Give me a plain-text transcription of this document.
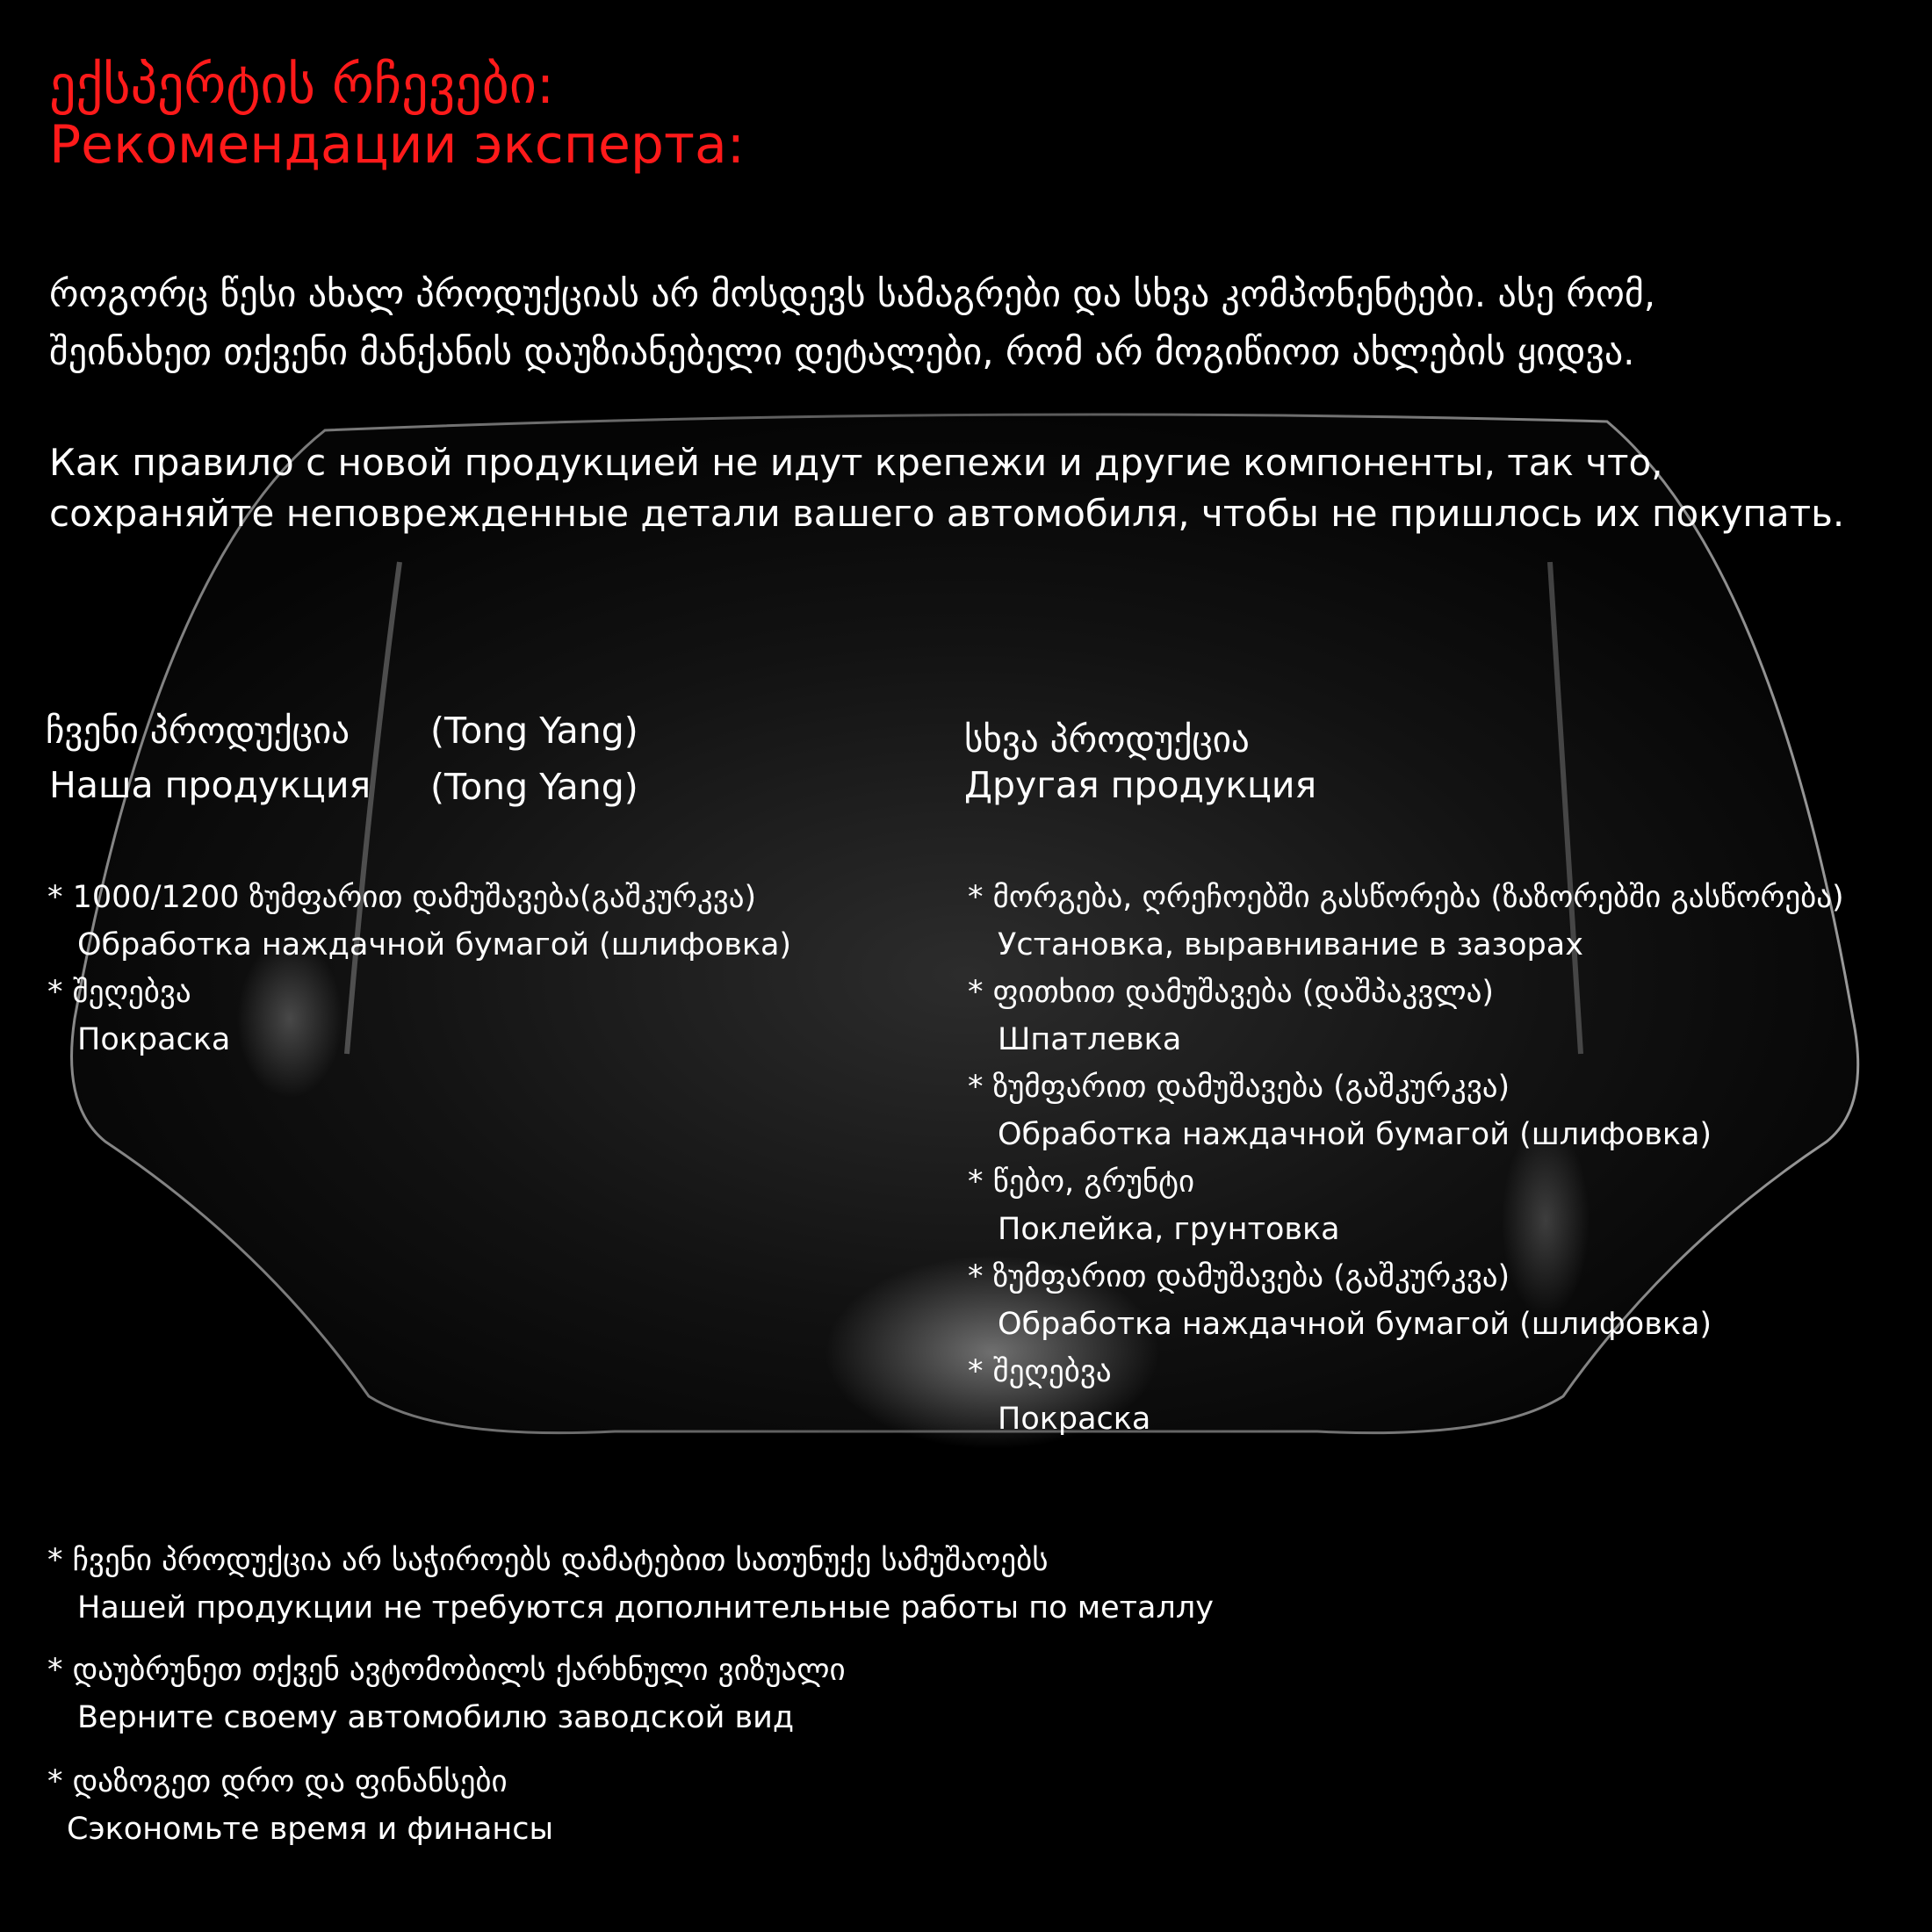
ექსპერტის რჩევები:
Рекомендации эксперта:
როგორც წესი ახალ პროდუქციას არ მოსდევს სამაგრები და სხვა კომპონენტები. ასე რომ,
შეინახეთ თქვენი მანქანის დაუზიანებელი დეტალები, რომ არ მოგიწიოთ ახლების ყიდვა.
Как правило с новой продукцией не идут крепежи и другие компоненты, так что,
сохраняйте неповрежденные детали вашего автомобиля, чтобы не пришлось их покупать.
ჩვენი პროდუქცია (Tong Yang)
Наша продукция (Tong Yang)
* 1000/1200 ზუმფარით დამუშავება(გაშკურკვა)
Обработка наждачной бумагой (шлифовка)
* შეღებვა
Покраска
სხვა პროდუქცია
Другая продукция
* მორგება, ღრეჩოებში გასწორება (ზაზორებში გასწორება)
Установка, выравнивание в зазорах
* ფითხით დამუშავება (დაშპაკვლა)
Шпатлевка
* ზუმფარით დამუშავება (გაშკურკვა)
Обработка наждачной бумагой (шлифовка)
* წებო, გრუნტი
Поклейка, грунтовка
* ზუმფარით დამუშავება (გაშკურკვა)
Обработка наждачной бумагой (шлифовка)
* შეღებვა
Покраска
* ჩვენი პროდუქცია არ საჭიროებს დამატებით სათუნუქე სამუშაოებს
Нашей продукции не требуются дополнительные работы по металлу
* დაუბრუნეთ თქვენ ავტომობილს ქარხნული ვიზუალი
Верните своему автомобилю заводской вид
* დაზოგეთ დრო და ფინანსები
Сэкономьте время и финансы
